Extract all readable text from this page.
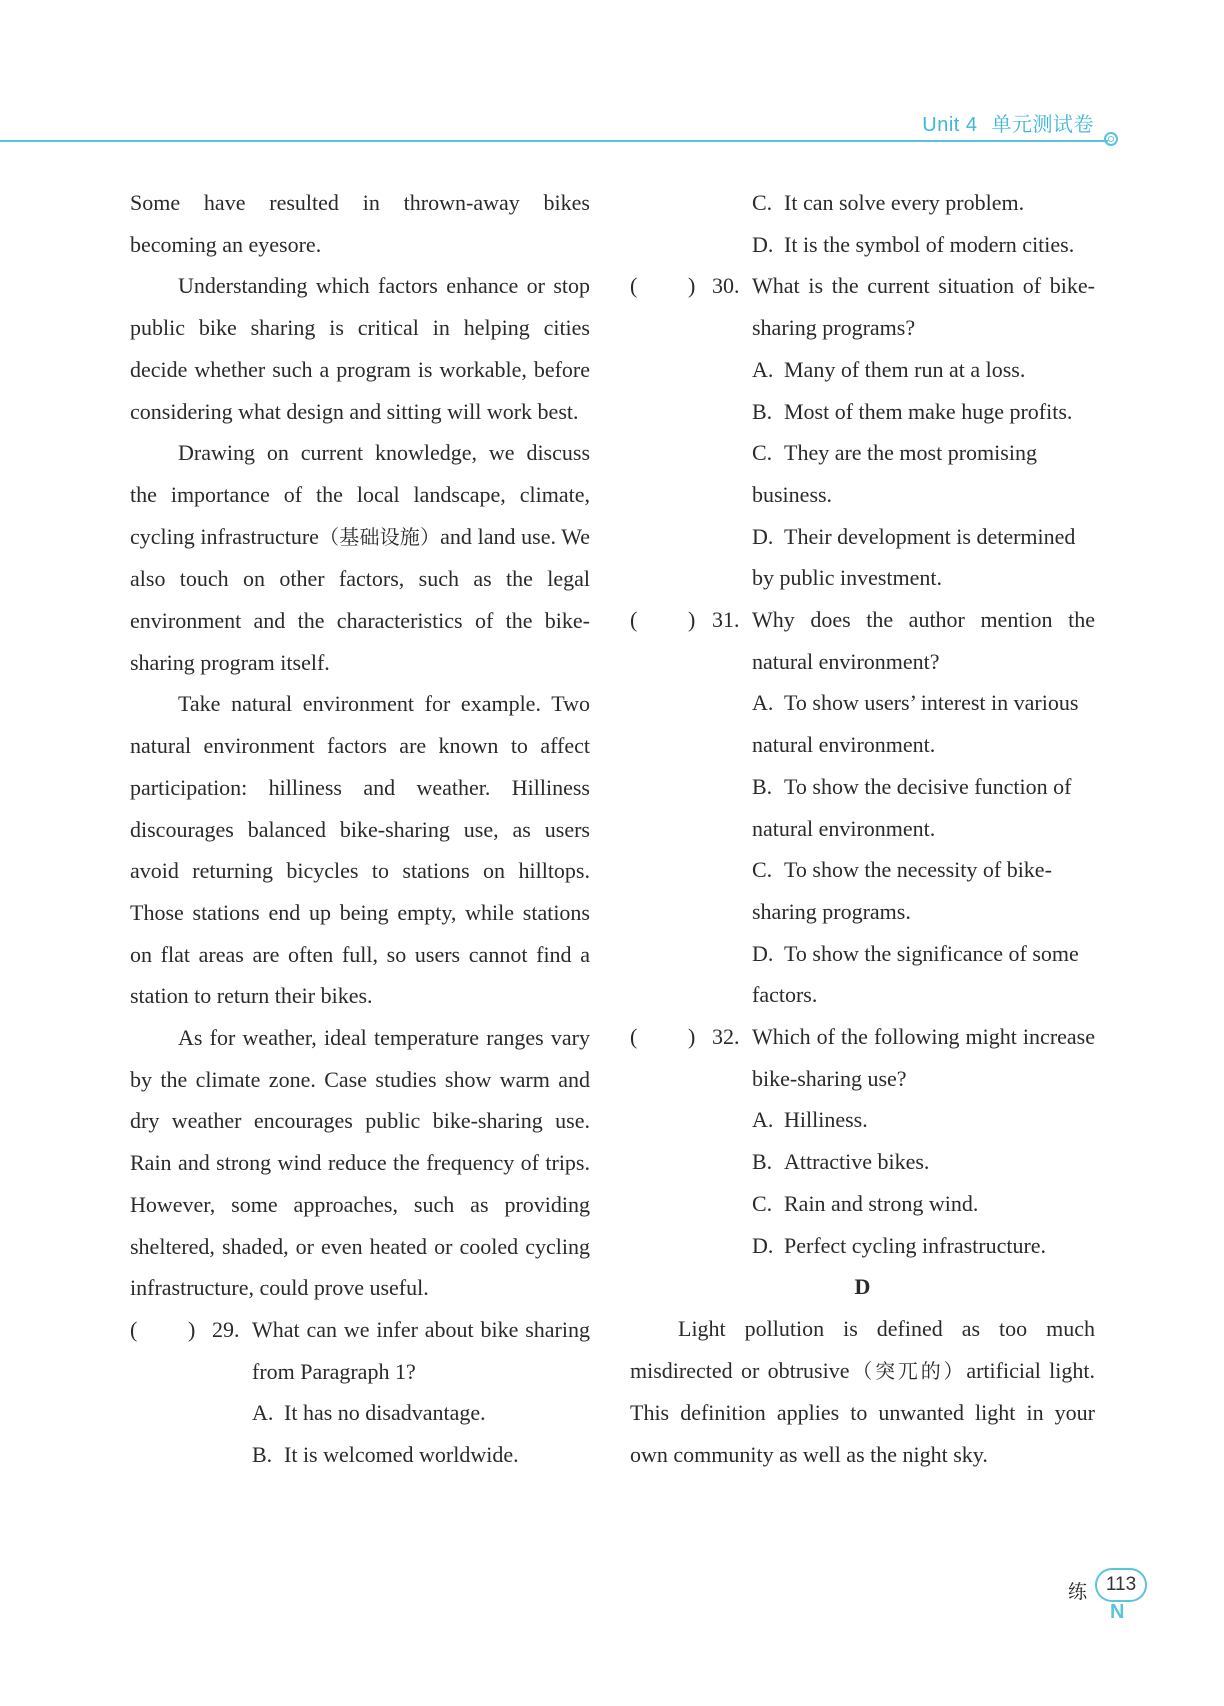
Unit 4 单元测试卷

Some have resulted in thrown-away bikes becoming an eyesore.

Understanding which factors enhance or stop public bike sharing is critical in helping cities decide whether such a program is workable, before considering what design and sitting will work best.

Drawing on current knowledge, we discuss the importance of the local landscape, climate, cycling infrastructure（基础设施）and land use. We also touch on other factors, such as the legal environment and the characteristics of the bike-sharing program itself.

Take natural environment for example. Two natural environment factors are known to affect participation: hilliness and weather. Hilliness discourages balanced bike-sharing use, as users avoid returning bicycles to stations on hilltops. Those stations end up being empty, while stations on flat areas are often full, so users cannot find a station to return their bikes.

As for weather, ideal temperature ranges vary by the climate zone. Case studies show warm and dry weather encourages public bike-sharing use. Rain and strong wind reduce the frequency of trips. However, some approaches, such as providing sheltered, shaded, or even heated or cooled cycling infrastructure, could prove useful.

( ) 29. What can we infer about bike sharing from Paragraph 1?

A. It has no disadvantage.
B. It is welcomed worldwide.
C. It can solve every problem.
D. It is the symbol of modern cities.
( ) 30. What is the current situation of bike-sharing programs?

A. Many of them run at a loss.
B. Most of them make huge profits.
C. They are the most promising business.
D. Their development is determined by public investment.
( ) 31. Why does the author mention the natural environment?

A. To show users’ interest in various natural environment.
B. To show the decisive function of natural environment.
C. To show the necessity of bike-sharing programs.
D. To show the significance of some factors.
( ) 32. Which of the following might increase bike-sharing use?

A. Hilliness.
B. Attractive bikes.
C. Rain and strong wind.
D. Perfect cycling infrastructure.
D

Light pollution is defined as too much misdirected or obtrusive（突兀的）artificial light. This definition applies to unwanted light in your own community as well as the night sky.

练 113
N
